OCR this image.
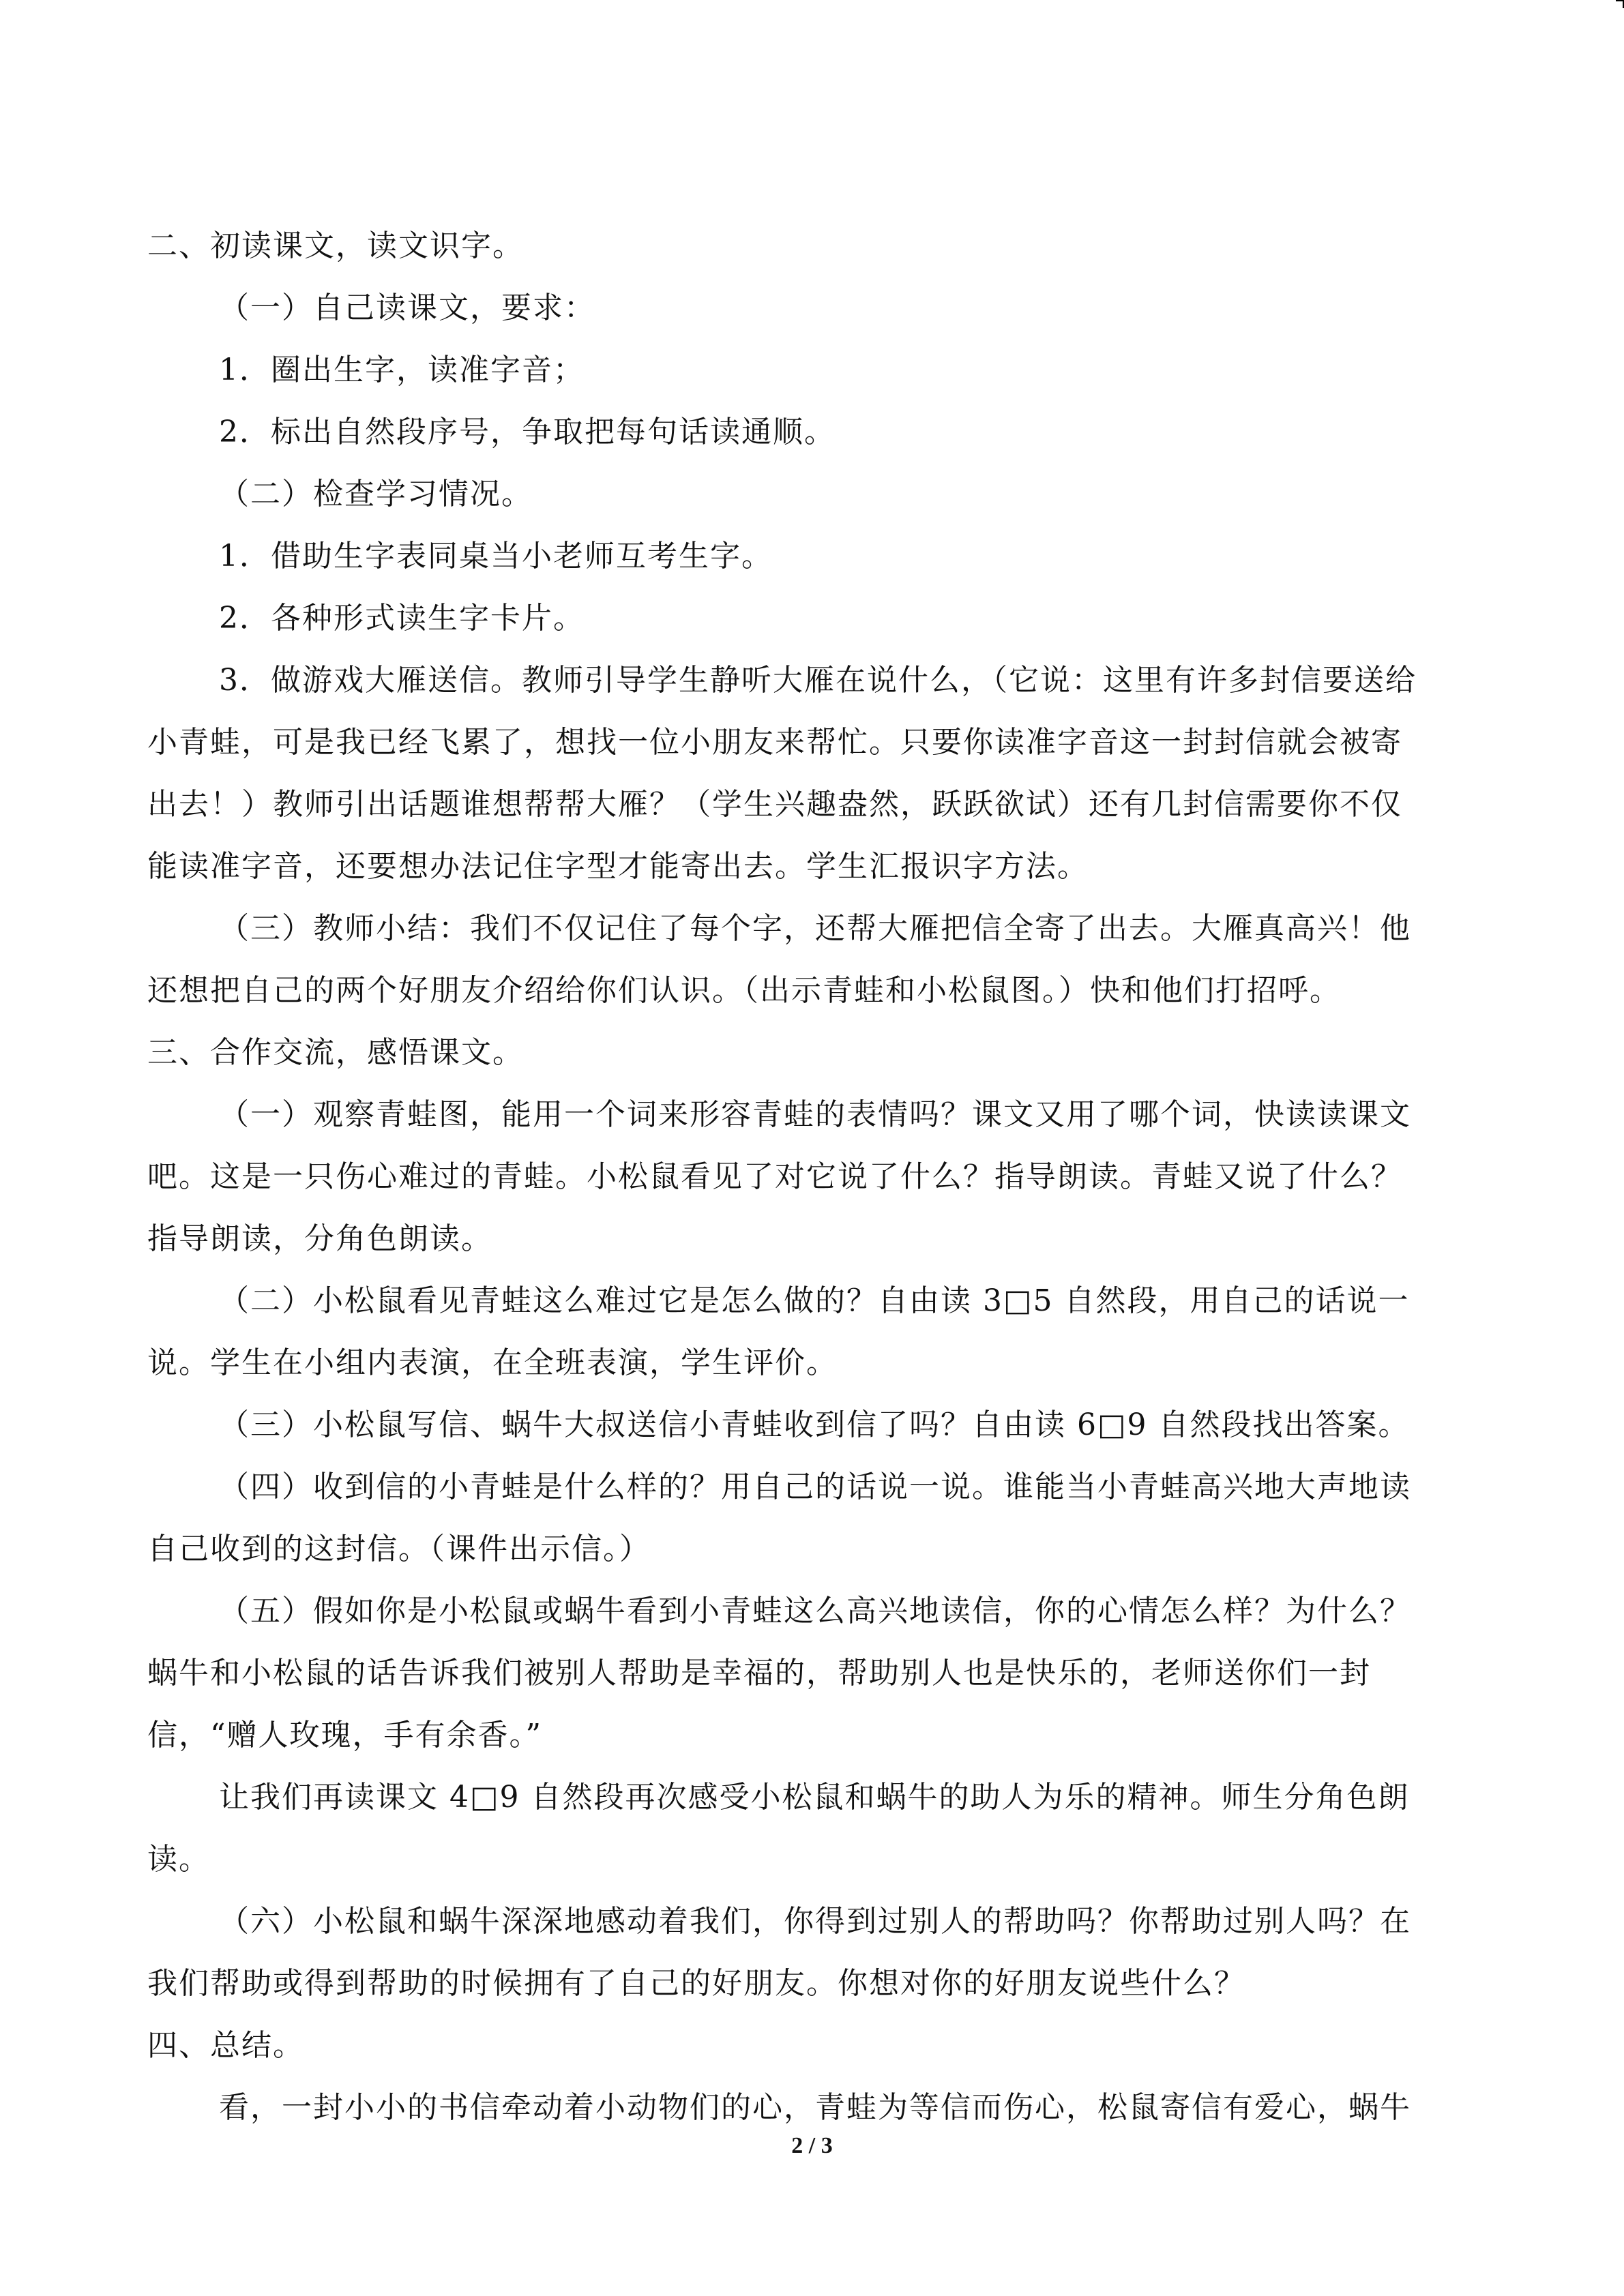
二、初读课文，读文识字。
（一）自己读课文，要求：
1．圈出生字，读准字音；
2．标出自然段序号，争取把每句话读通顺。
（二）检查学习情况。
1．借助生字表同桌当小老师互考生字。
2．各种形式读生字卡片。
3．做游戏大雁送信。教师引导学生静听大雁在说什么，（它说：这里有许多封信要送给
小青蛙，可是我已经飞累了，想找一位小朋友来帮忙。只要你读准字音这一封封信就会被寄
出去！）教师引出话题谁想帮帮大雁？（学生兴趣盎然，跃跃欲试）还有几封信需要你不仅
能读准字音，还要想办法记住字型才能寄出去。学生汇报识字方法。
（三）教师小结：我们不仅记住了每个字，还帮大雁把信全寄了出去。大雁真高兴！他
还想把自己的两个好朋友介绍给你们认识。（出示青蛙和小松鼠图。）快和他们打招呼。
三、合作交流，感悟课文。
（一）观察青蛙图，能用一个词来形容青蛙的表情吗？课文又用了哪个词，快读读课文
吧。这是一只伤心难过的青蛙。小松鼠看见了对它说了什么？指导朗读。青蛙又说了什么？
指导朗读，分角色朗读。
（二）小松鼠看见青蛙这么难过它是怎么做的？自由读 3□5 自然段，用自己的话说一
说。学生在小组内表演，在全班表演，学生评价。
（三）小松鼠写信、蜗牛大叔送信小青蛙收到信了吗？自由读 6□9 自然段找出答案。
（四）收到信的小青蛙是什么样的？用自己的话说一说。谁能当小青蛙高兴地大声地读
自己收到的这封信。（课件出示信。）
（五）假如你是小松鼠或蜗牛看到小青蛙这么高兴地读信，你的心情怎么样？为什么？
蜗牛和小松鼠的话告诉我们被别人帮助是幸福的，帮助别人也是快乐的，老师送你们一封
信，“赠人玫瑰，手有余香。”
让我们再读课文 4□9 自然段再次感受小松鼠和蜗牛的助人为乐的精神。师生分角色朗
读。
（六）小松鼠和蜗牛深深地感动着我们，你得到过别人的帮助吗？你帮助过别人吗？在
我们帮助或得到帮助的时候拥有了自己的好朋友。你想对你的好朋友说些什么？
四、总结。
看，一封小小的书信牵动着小动物们的心，青蛙为等信而伤心，松鼠寄信有爱心，蜗牛
2 / 3
